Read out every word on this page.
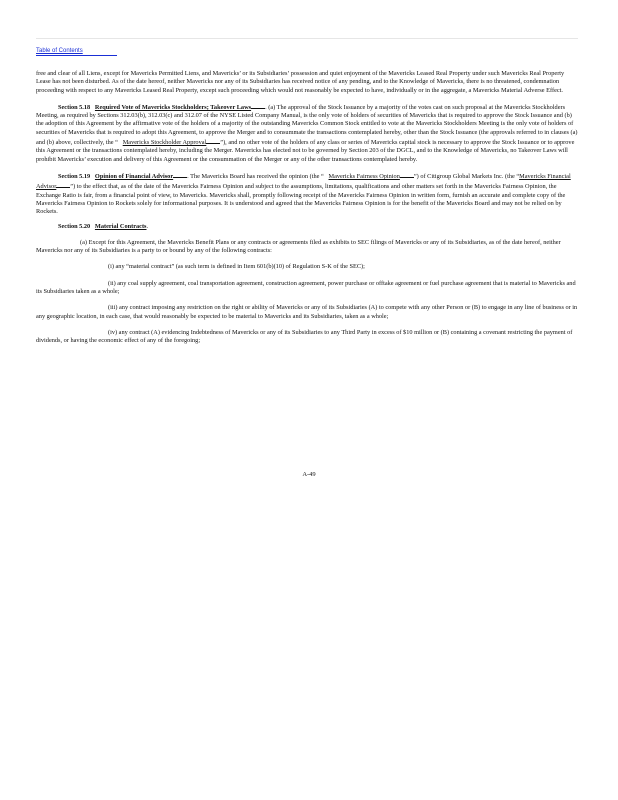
Table of Contents

free and clear of all Liens, except for Mavericks Permitted Liens, and Mavericks’ or its Subsidiaries’ possession and quiet enjoyment of the Mavericks Leased Real Property under such Mavericks Real Property Lease has not been disturbed. As of the date hereof, neither Mavericks nor any of its Subsidiaries has received notice of any pending, and to the Knowledge of Mavericks, there is no threatened, condemnation proceeding with respect to any Mavericks Leased Real Property, except such proceeding which would not reasonably be expected to have, individually or in the aggregate, a Mavericks Material Adverse Effect.

Section 5.18 Required Vote of Mavericks Stockholders; Takeover Laws . (a) The approval of the Stock Issuance by a majority of the votes cast on such proposal at the Mavericks Stockholders Meeting, as required by Sections 312.03(b), 312.03(c) and 312.07 of the NYSE Listed Company Manual, is the only vote of holders of securities of Mavericks that is required to approve the Stock Issuance and (b) the adoption of this Agreement by the affirmative vote of the holders of a majority of the outstanding Mavericks Common Stock entitled to vote at the Mavericks Stockholders Meeting is the only vote of holders of securities of Mavericks that is required to adopt this Agreement, to approve the Merger and to consummate the transactions contemplated hereby, other than the Stock Issuance (the approvals referred to in clauses (a) and (b) above, collectively, the “ Mavericks Stockholder Approval ”), and no other vote of the holders of any class or series of Mavericks capital stock is necessary to approve the Stock Issuance or to approve this Agreement or the transactions contemplated hereby, including the Merger. Mavericks has elected not to be governed by Section 203 of the DGCL, and to the Knowledge of Mavericks, no Takeover Laws will prohibit Mavericks’ execution and delivery of this Agreement or the consummation of the Merger or any of the other transactions contemplated hereby.

Section 5.19 Opinion of Financial Advisor . The Mavericks Board has received the opinion (the “ Mavericks Fairness Opinion ”) of Citigroup Global Markets Inc. (the “Mavericks Financial Advisor ”) to the effect that, as of the date of the Mavericks Fairness Opinion and subject to the assumptions, limitations, qualifications and other matters set forth in the Mavericks Fairness Opinion, the Exchange Ratio is fair, from a financial point of view, to Mavericks. Mavericks shall, promptly following receipt of the Mavericks Fairness Opinion in written form, furnish an accurate and complete copy of the Mavericks Fairness Opinion to Rockets solely for informational purposes. It is understood and agreed that the Mavericks Fairness Opinion is for the benefit of the Mavericks Board and may not be relied on by Rockets.

Section 5.20 Material Contracts.

(a) Except for this Agreement, the Mavericks Benefit Plans or any contracts or agreements filed as exhibits to SEC filings of Mavericks or any of its Subsidiaries, as of the date hereof, neither Mavericks nor any of its Subsidiaries is a party to or bound by any of the following contracts:

(i) any “material contract” (as such term is defined in Item 601(b)(10) of Regulation S-K of the SEC);

(ii) any coal supply agreement, coal transportation agreement, construction agreement, power purchase or offtake agreement or fuel purchase agreement that is material to Mavericks and its Subsidiaries taken as a whole;

(iii) any contract imposing any restriction on the right or ability of Mavericks or any of its Subsidiaries (A) to compete with any other Person or (B) to engage in any line of business or in any geographic location, in each case, that would reasonably be expected to be material to Mavericks and its Subsidiaries, taken as a whole;

(iv) any contract (A) evidencing Indebtedness of Mavericks or any of its Subsidiaries to any Third Party in excess of $10 million or (B) containing a covenant restricting the payment of dividends, or having the economic effect of any of the foregoing;

A-49
